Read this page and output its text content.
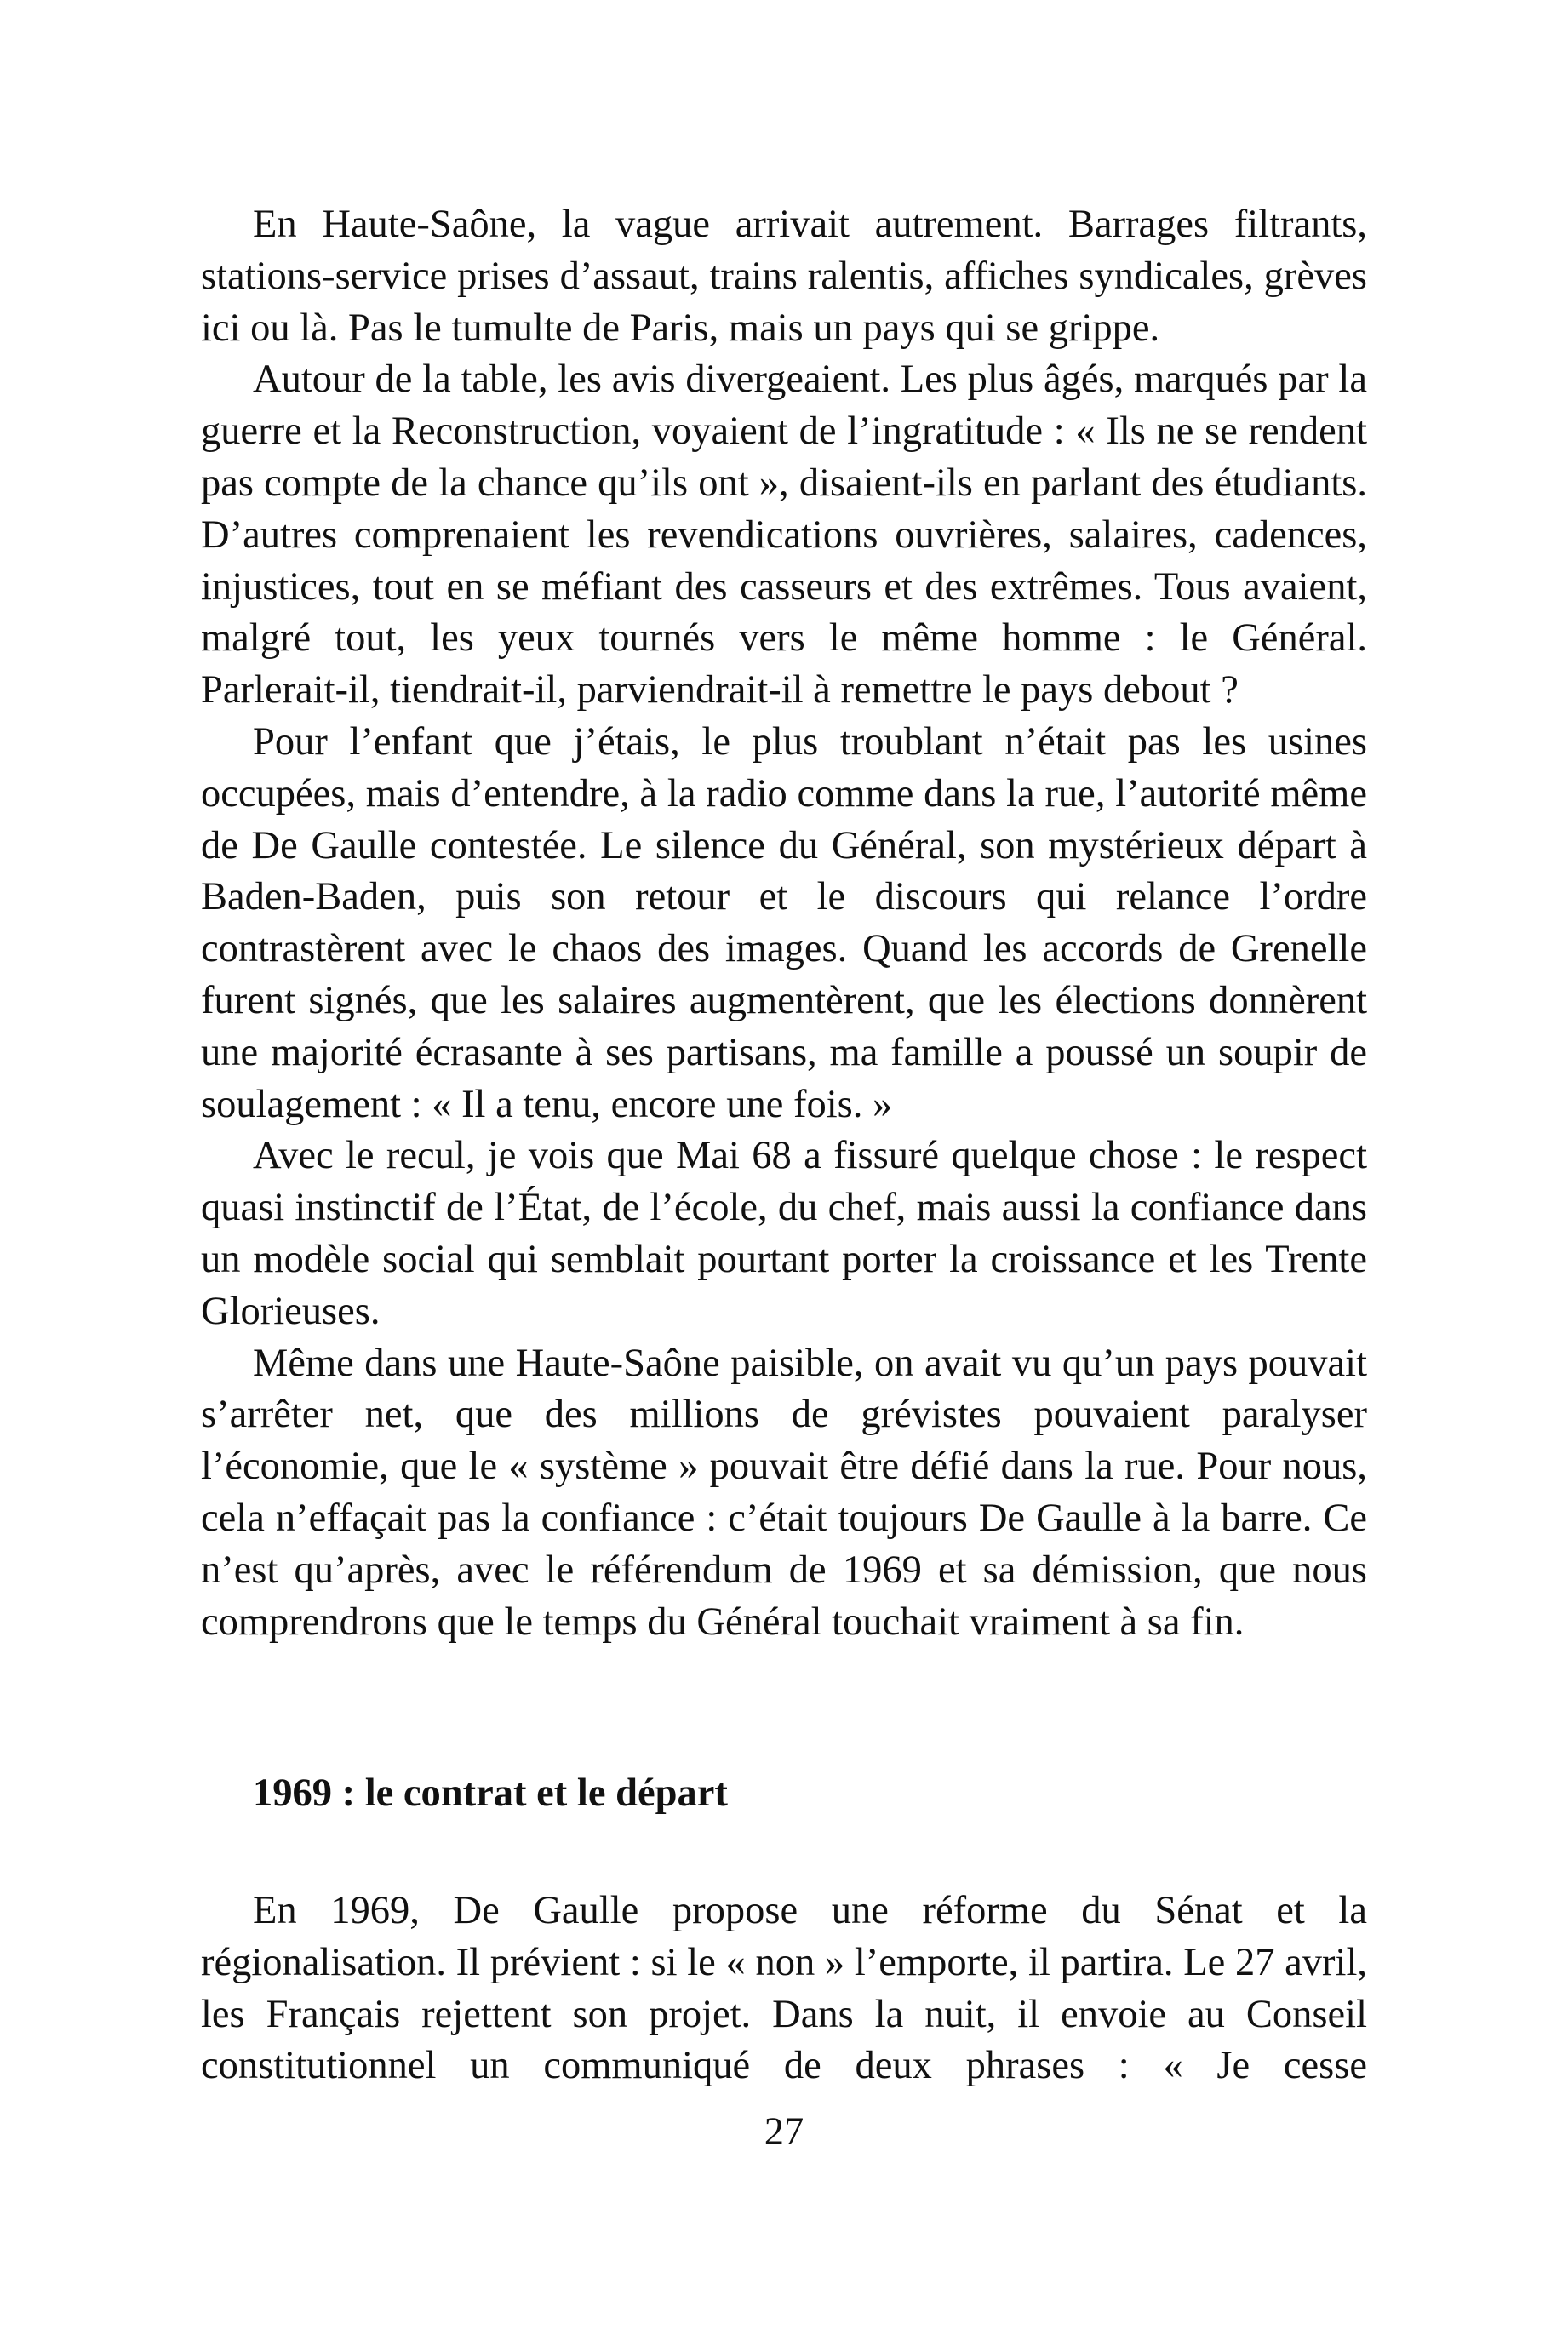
En Haute-Saône, la vague arrivait autrement. Barrages filtrants, stations-service prises d’assaut, trains ralentis, affiches syndicales, grèves ici ou là. Pas le tumulte de Paris, mais un pays qui se grippe.

Autour de la table, les avis divergeaient. Les plus âgés, marqués par la guerre et la Reconstruction, voyaient de l’ingratitude : « Ils ne se rendent pas compte de la chance qu’ils ont », disaient-ils en parlant des étudiants. D’autres comprenaient les revendications ouvrières, salaires, cadences, injustices, tout en se méfiant des casseurs et des extrêmes. Tous avaient, malgré tout, les yeux tournés vers le même homme : le Général. Parlerait-il, tiendrait-il, parviendrait-il à remettre le pays debout ?

Pour l’enfant que j’étais, le plus troublant n’était pas les usines occupées, mais d’entendre, à la radio comme dans la rue, l’autorité même de De Gaulle contestée. Le silence du Général, son mystérieux départ à Baden-Baden, puis son retour et le discours qui relance l’ordre contrastèrent avec le chaos des images. Quand les accords de Grenelle furent signés, que les salaires augmentèrent, que les élections donnèrent une majorité écrasante à ses partisans, ma famille a poussé un soupir de soulagement : « Il a tenu, encore une fois. »

Avec le recul, je vois que Mai 68 a fissuré quelque chose : le respect quasi instinctif de l’État, de l’école, du chef, mais aussi la confiance dans un modèle social qui semblait pourtant porter la croissance et les Trente Glorieuses.

Même dans une Haute-Saône paisible, on avait vu qu’un pays pouvait s’arrêter net, que des millions de grévistes pouvaient paralyser l’économie, que le « système » pouvait être défié dans la rue. Pour nous, cela n’effaçait pas la confiance : c’était toujours De Gaulle à la barre. Ce n’est qu’après, avec le référendum de 1969 et sa démission, que nous comprendrons que le temps du Général touchait vraiment à sa fin.

1969 : le contrat et le départ

En 1969, De Gaulle propose une réforme du Sénat et la régionalisation. Il prévient : si le « non » l’emporte, il partira. Le 27 avril, les Français rejettent son projet. Dans la nuit, il envoie au Conseil constitutionnel un communiqué de deux phrases : « Je cesse

27
